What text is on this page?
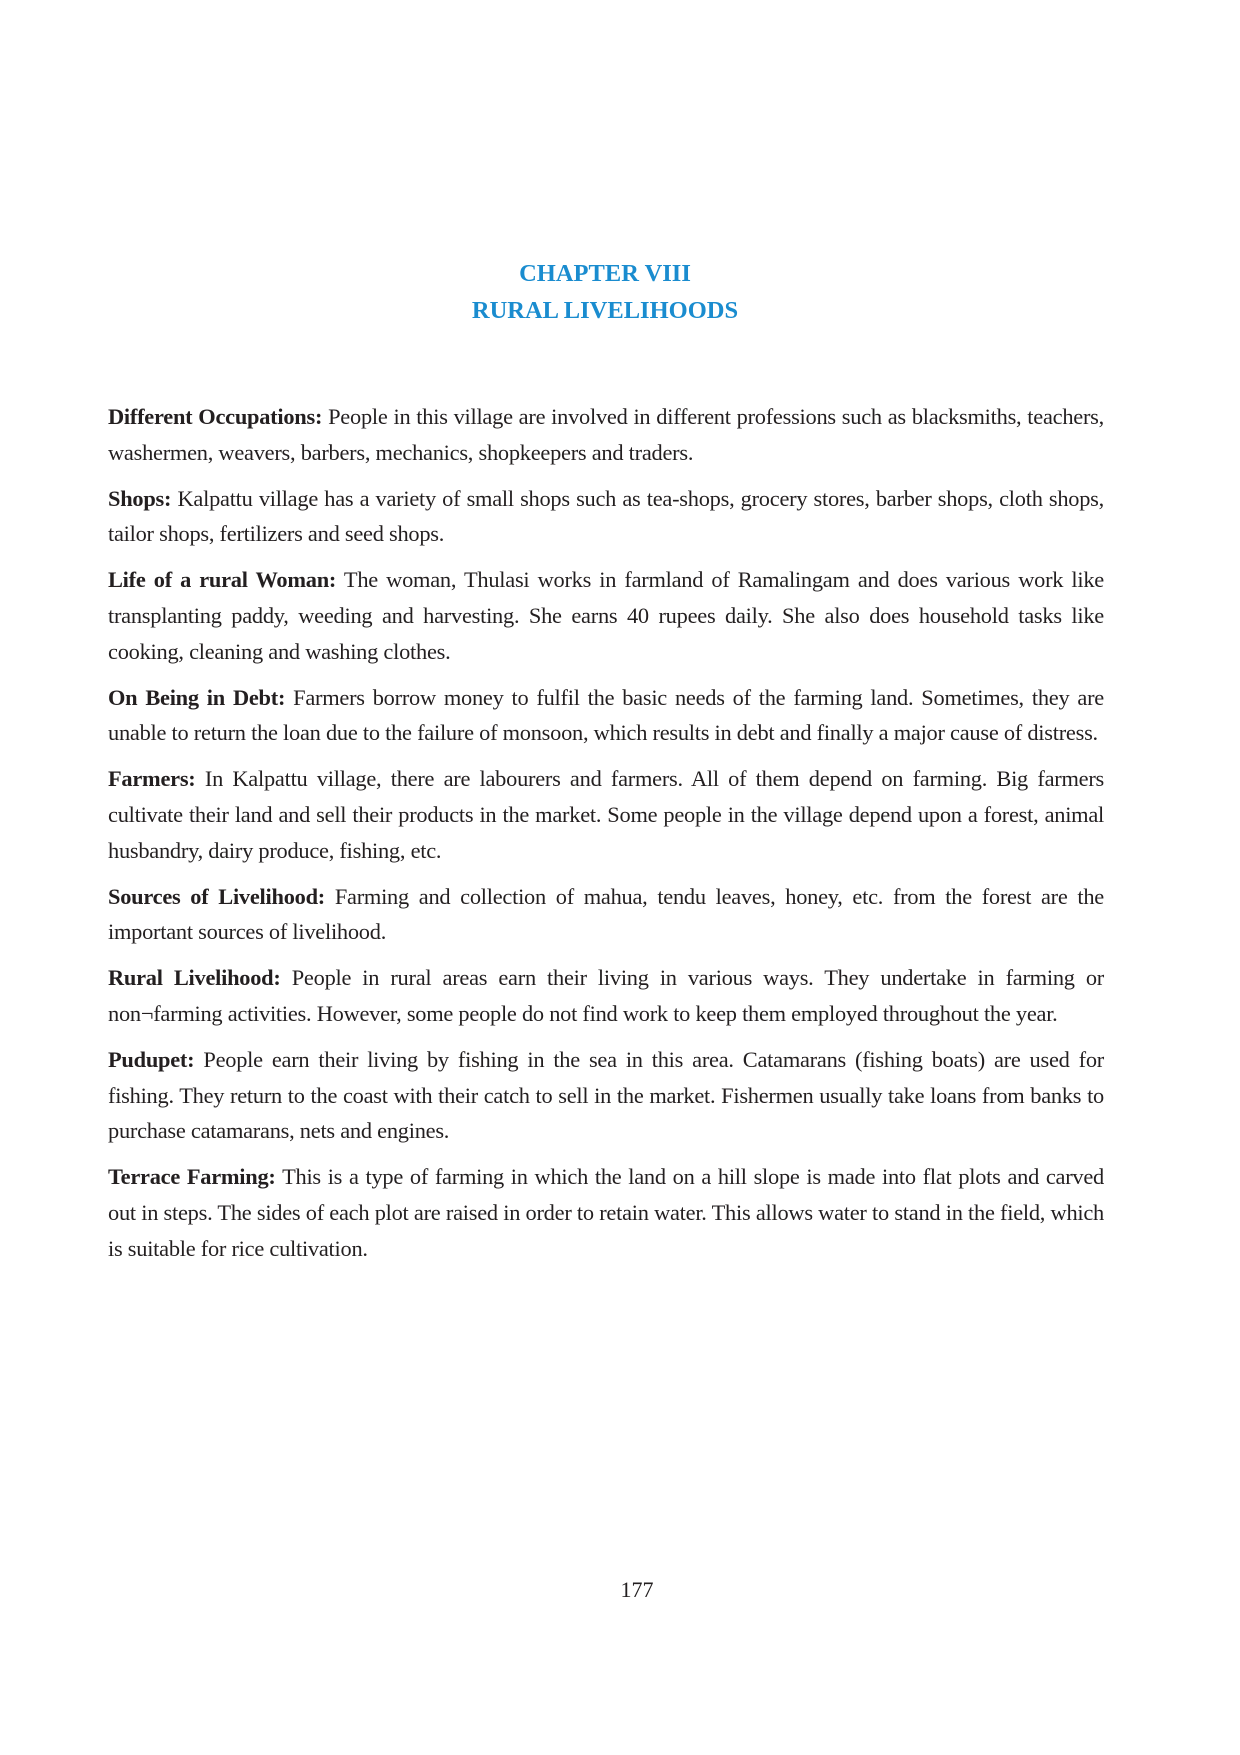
CHAPTER VIII
RURAL LIVELIHOODS

Different Occupations: People in this village are involved in different professions such as blacksmiths, teachers, washermen, weavers, barbers, mechanics, shopkeepers and traders.

Shops: Kalpattu village has a variety of small shops such as tea-shops, grocery stores, barber shops, cloth shops, tailor shops, fertilizers and seed shops.

Life of a rural Woman: The woman, Thulasi works in farmland of Ramalingam and does various work like transplanting paddy, weeding and harvesting. She earns 40 rupees daily. She also does household tasks like cooking, cleaning and washing clothes.

On Being in Debt: Farmers borrow money to fulfil the basic needs of the farming land. Sometimes, they are unable to return the loan due to the failure of monsoon, which results in debt and finally a major cause of distress.

Farmers: In Kalpattu village, there are labourers and farmers. All of them depend on farming. Big farmers cultivate their land and sell their products in the market. Some people in the village depend upon a forest, animal husbandry, dairy produce, fishing, etc.

Sources of Livelihood: Farming and collection of mahua, tendu leaves, honey, etc. from the forest are the important sources of livelihood.

Rural Livelihood: People in rural areas earn their living in various ways. They undertake in farming or non¬farming activities. However, some people do not find work to keep them employed throughout the year.

Pudupet: People earn their living by fishing in the sea in this area. Catamarans (fishing boats) are used for fishing. They return to the coast with their catch to sell in the market. Fishermen usually take loans from banks to purchase catamarans, nets and engines.

Terrace Farming: This is a type of farming in which the land on a hill slope is made into flat plots and carved out in steps. The sides of each plot are raised in order to retain water. This allows water to stand in the field, which is suitable for rice cultivation.

177
